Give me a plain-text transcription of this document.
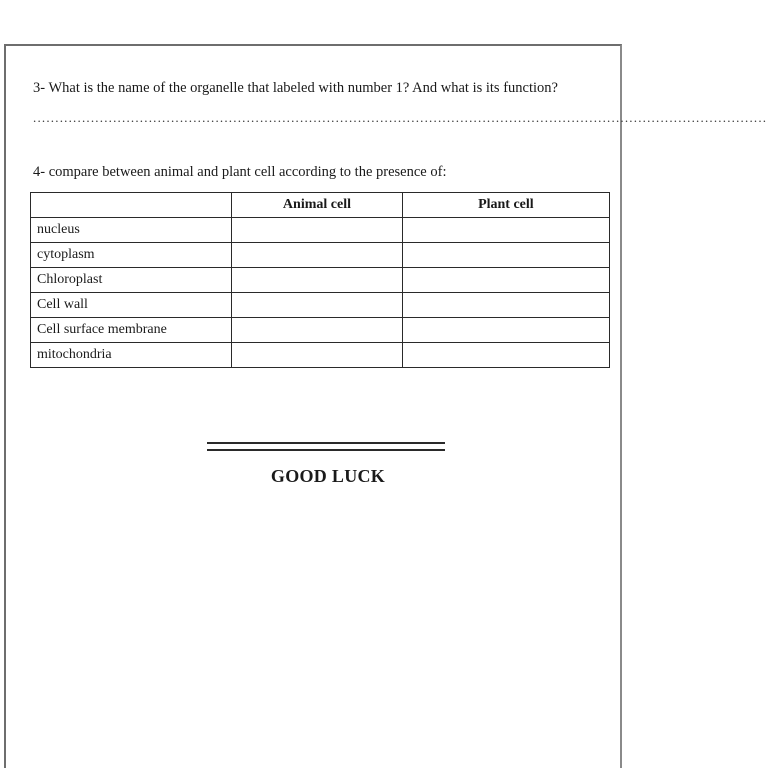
3- What is the name of the organelle that labeled with number 1? And what is its function?
.....................................................................................................................................................................
4- compare between animal and plant cell according to the presence of:
	Animal cell	Plant cell
nucleus		
cytoplasm		
Chloroplast		
Cell wall		
Cell surface membrane		
mitochondria		
GOOD LUCK
